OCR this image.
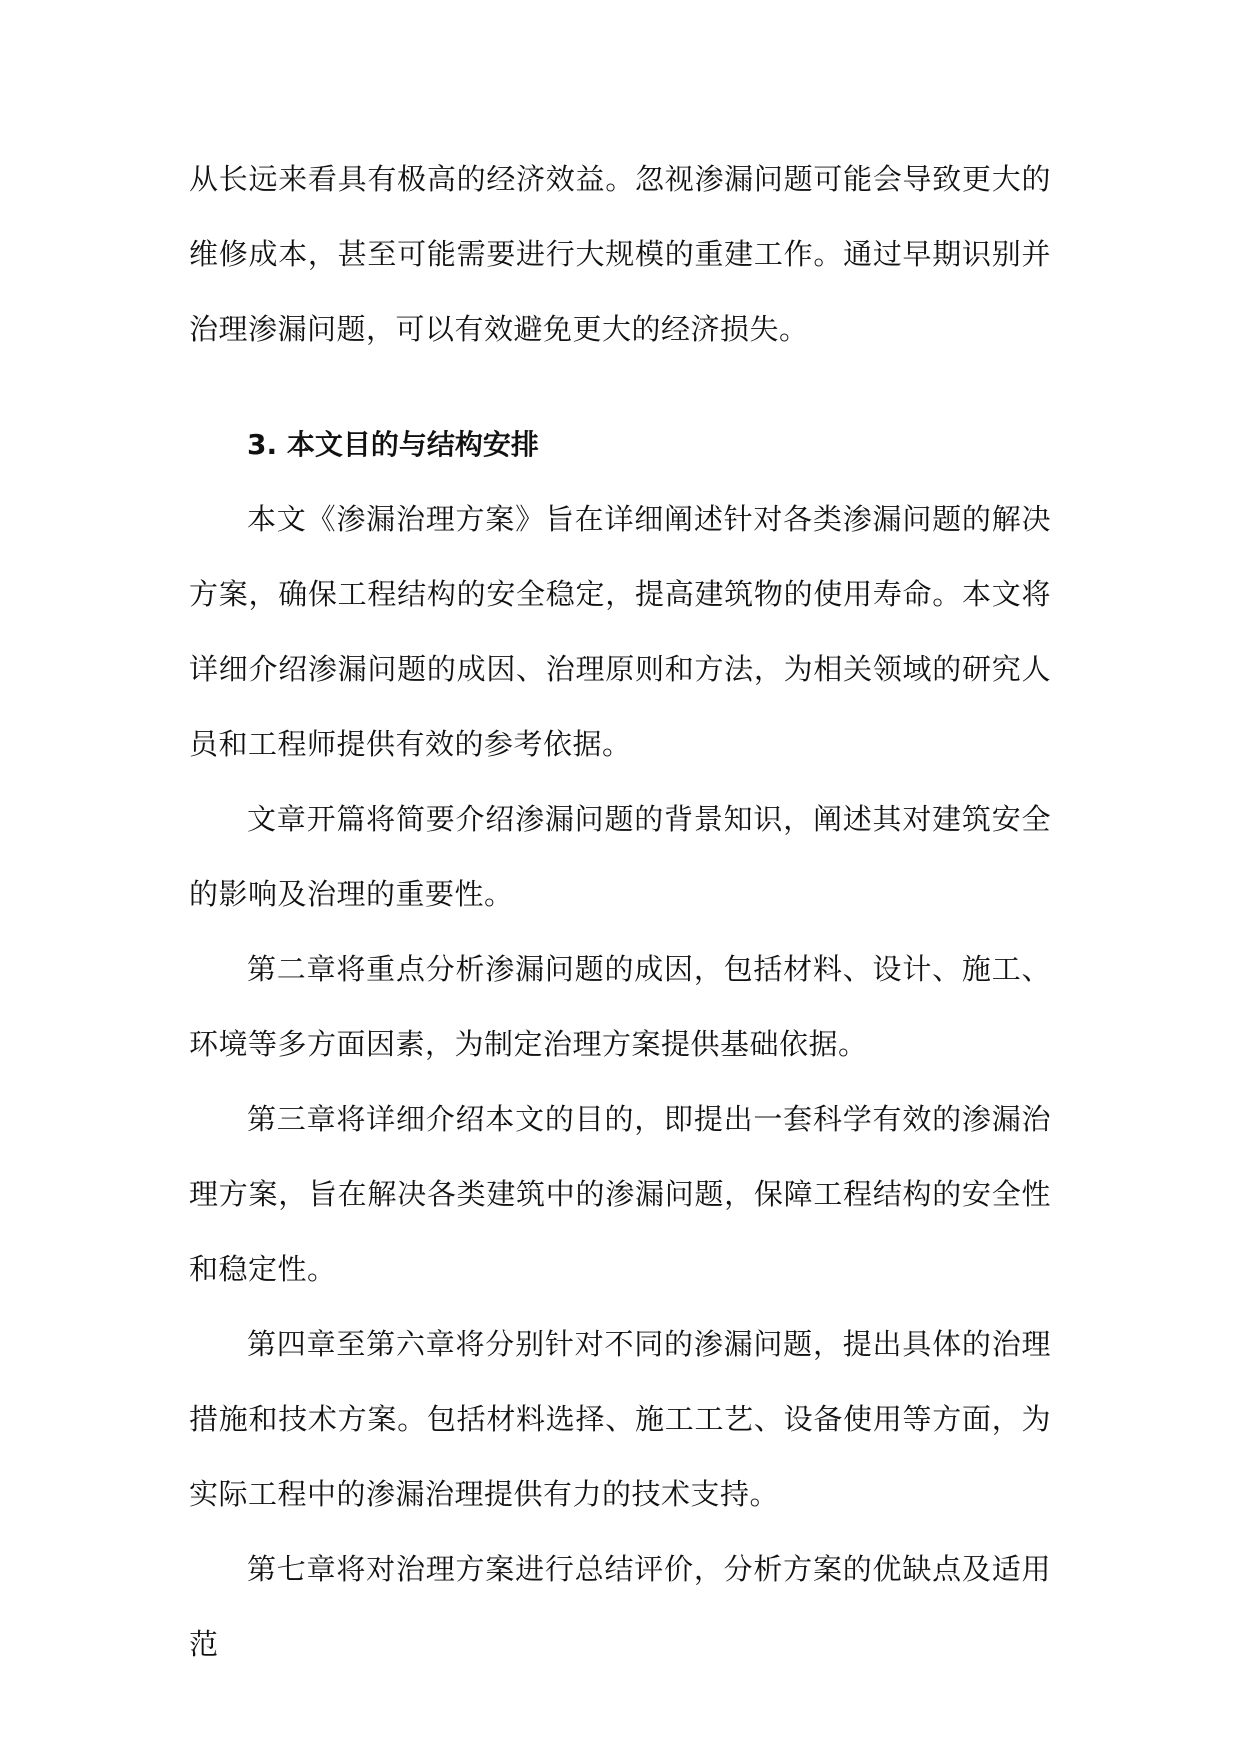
从长远来看具有极高的经济效益。忽视渗漏问题可能会导致更大的维修成本，甚至可能需要进行大规模的重建工作。通过早期识别并治理渗漏问题，可以有效避免更大的经济损失。

3. 本文目的与结构安排

本文《渗漏治理方案》旨在详细阐述针对各类渗漏问题的解决方案，确保工程结构的安全稳定，提高建筑物的使用寿命。本文将详细介绍渗漏问题的成因、治理原则和方法，为相关领域的研究人员和工程师提供有效的参考依据。

文章开篇将简要介绍渗漏问题的背景知识，阐述其对建筑安全的影响及治理的重要性。

第二章将重点分析渗漏问题的成因，包括材料、设计、施工、环境等多方面因素，为制定治理方案提供基础依据。

第三章将详细介绍本文的目的，即提出一套科学有效的渗漏治理方案，旨在解决各类建筑中的渗漏问题，保障工程结构的安全性和稳定性。

第四章至第六章将分别针对不同的渗漏问题，提出具体的治理措施和技术方案。包括材料选择、施工工艺、设备使用等方面，为实际工程中的渗漏治理提供有力的技术支持。

第七章将对治理方案进行总结评价，分析方案的优缺点及适用范
